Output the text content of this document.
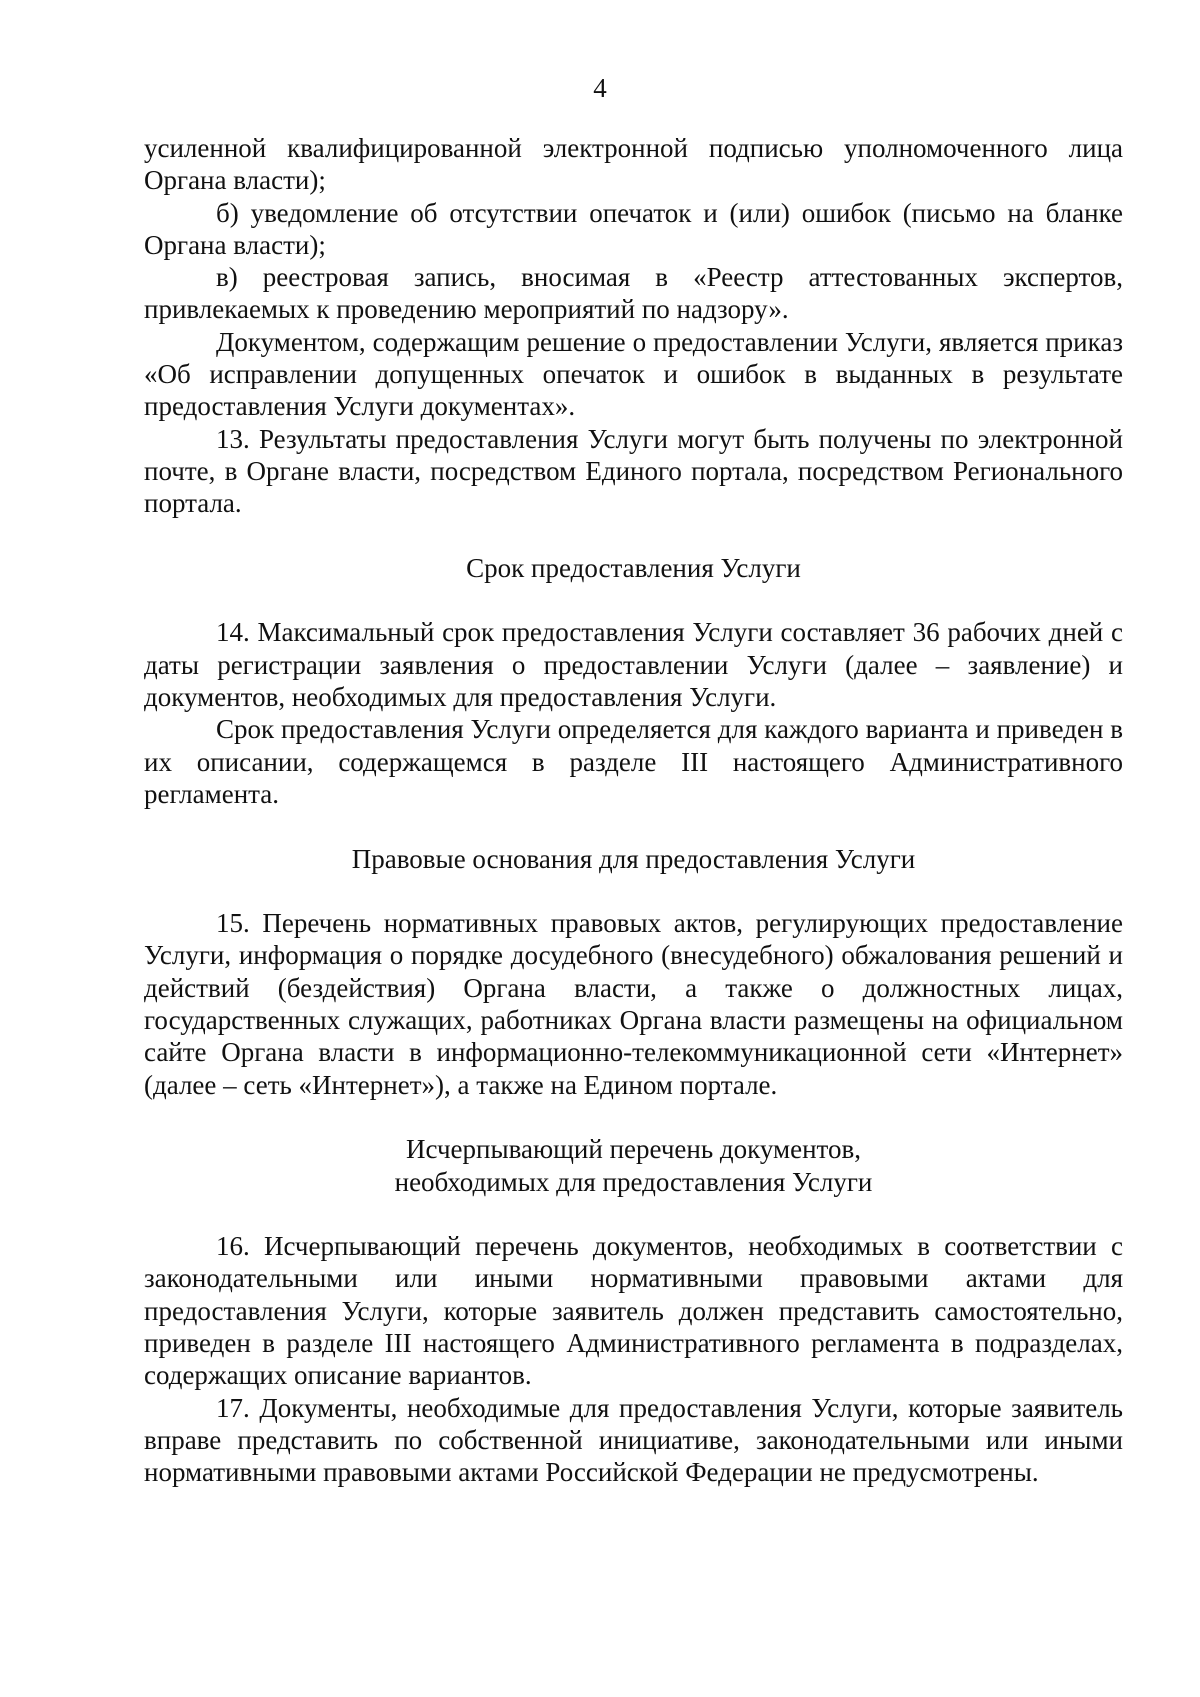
4

усиленной квалифицированной электронной подписью уполномоченного лица Органа власти);

б) уведомление об отсутствии опечаток и (или) ошибок (письмо на бланке Органа власти);

в) реестровая запись, вносимая в «Реестр аттестованных экспертов, привлекаемых к проведению мероприятий по надзору».

Документом, содержащим решение о предоставлении Услуги, является приказ «Об исправлении допущенных опечаток и ошибок в выданных в результате предоставления Услуги документах».

13. Результаты предоставления Услуги могут быть получены по электронной почте, в Органе власти, посредством Единого портала, посредством Регионального портала.

Срок предоставления Услуги

14. Максимальный срок предоставления Услуги составляет 36 рабочих дней с даты регистрации заявления о предоставлении Услуги (далее – заявление) и документов, необходимых для предоставления Услуги.

Срок предоставления Услуги определяется для каждого варианта и приведен в их описании, содержащемся в разделе III настоящего Административного регламента.

Правовые основания для предоставления Услуги

15. Перечень нормативных правовых актов, регулирующих предоставление Услуги, информация о порядке досудебного (внесудебного) обжалования решений и действий (бездействия) Органа власти, а также о должностных лицах, государственных служащих, работниках Органа власти размещены на официальном сайте Органа власти в информационно-телекоммуникационной сети «Интернет» (далее – сеть «Интернет»), а также на Едином портале.

Исчерпывающий перечень документов,
необходимых для предоставления Услуги

16. Исчерпывающий перечень документов, необходимых в соответствии с законодательными или иными нормативными правовыми актами для предоставления Услуги, которые заявитель должен представить самостоятельно, приведен в разделе III настоящего Административного регламента в подразделах, содержащих описание вариантов.

17. Документы, необходимые для предоставления Услуги, которые заявитель вправе представить по собственной инициативе, законодательными или иными нормативными правовыми актами Российской Федерации не предусмотрены.
